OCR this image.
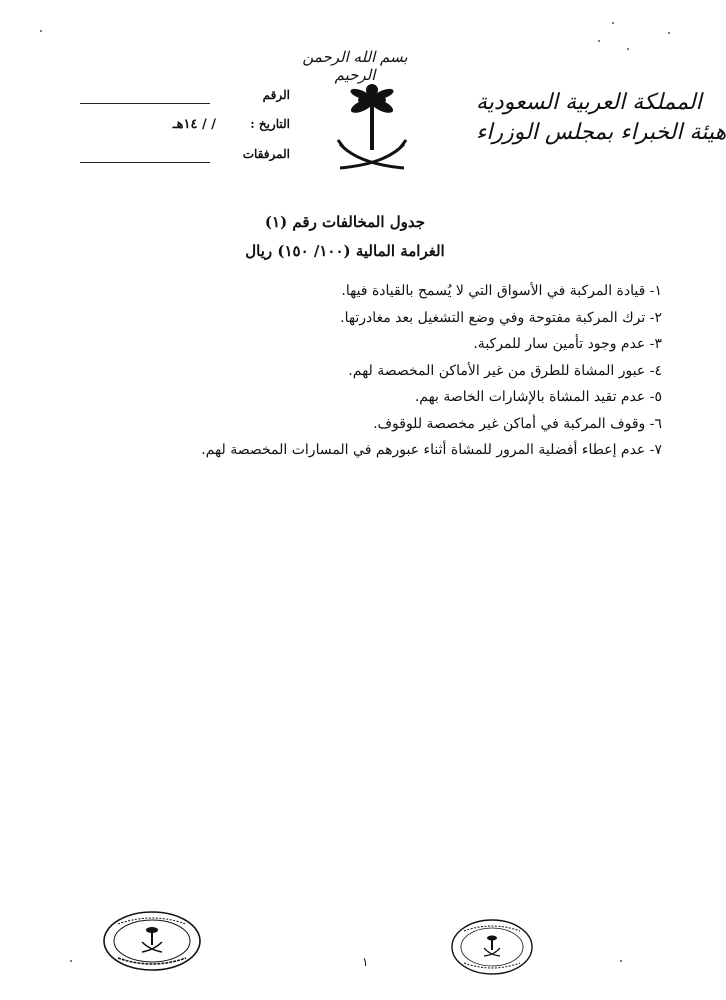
بسم الله الرحمن الرحيم
المملكة العربية السعودية
هيئة الخبراء بمجلس الوزراء
الرقم
التاريخ :
/ / ١٤هـ
المرفقات
جدول المخالفات رقم (١)
الغرامة المالية (١٠٠/ ١٥٠) ريال
١- قيادة المركبة في الأسواق التي لا يُسمح بالقيادة فيها.
٢- ترك المركبة مفتوحة وفي وضع التشغيل بعد مغادرتها.
٣- عدم وجود تأمين سار للمركبة.
٤- عبور المشاة للطرق من غير الأماكن المخصصة لهم.
٥- عدم تقيد المشاة بالإشارات الخاصة بهم.
٦- وقوف المركبة في أماكن غير مخصصة للوقوف.
٧- عدم إعطاء أفضلية المرور للمشاة أثناء عبورهم في المسارات المخصصة لهم.
١
